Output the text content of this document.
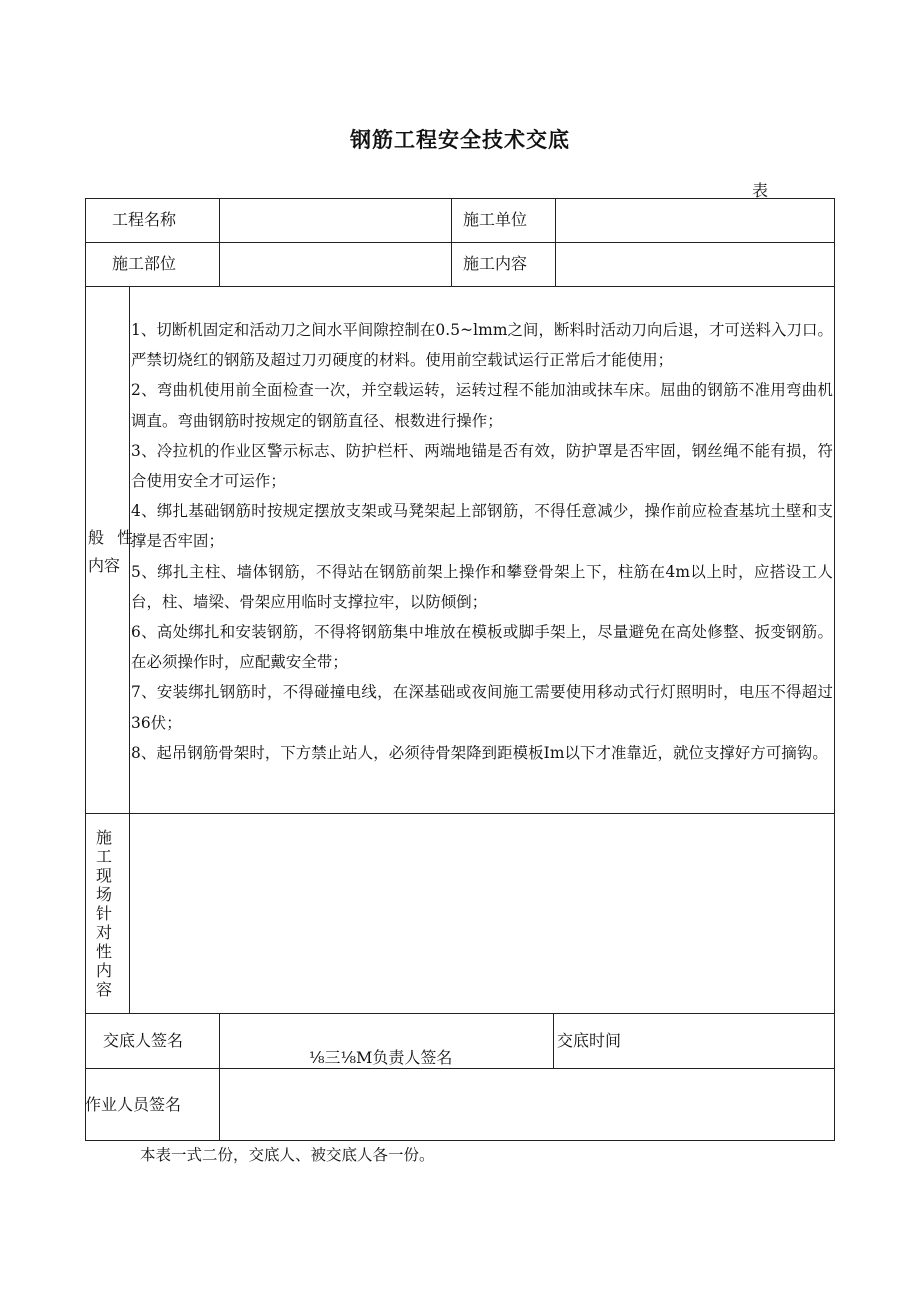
钢筋工程安全技术交底
表
工程名称	施工单位
施工部位	施工内容
般 性
内容

1、切断机固定和活动刀之间水平间隙控制在0.5~lmm之间，断料时活动刀向后退，才可送料入刀口。严禁切烧红的钢筋及超过刀刃硬度的材料。使用前空载试运行正常后才能使用；

2、弯曲机使用前全面检查一次，并空载运转，运转过程不能加油或抹车床。屈曲的钢筋不准用弯曲机调直。弯曲钢筋时按规定的钢筋直径、根数进行操作；

3、冷拉机的作业区警示标志、防护栏杆、两端地锚是否有效，防护罩是否牢固，钢丝绳不能有损，符合使用安全才可运作；

4、绑扎基础钢筋时按规定摆放支架或马凳架起上部钢筋，不得任意减少，操作前应检查基坑土壁和支撑是否牢固；

5、绑扎主柱、墙体钢筋，不得站在钢筋前架上操作和攀登骨架上下，柱筋在4m以上时，应搭设工人台，柱、墙梁、骨架应用临时支撑拉牢，以防倾倒；

6、高处绑扎和安装钢筋，不得将钢筋集中堆放在模板或脚手架上，尽量避免在高处修整、扳变钢筋。在必须操作时，应配戴安全带；

7、安装绑扎钢筋时，不得碰撞电线，在深基础或夜间施工需要使用移动式行灯照明时，电压不得超过36伏；

8、起吊钢筋骨架时，下方禁止站人，必须待骨架降到距模板Im以下才准靠近，就位支撑好方可摘钩。

施
工
现
场
针
对
性
内
容
交底人签名
⅛三⅛M负责人签名
交底时间
作业人员签名
本表一式二份，交底人、被交底人各一份。
